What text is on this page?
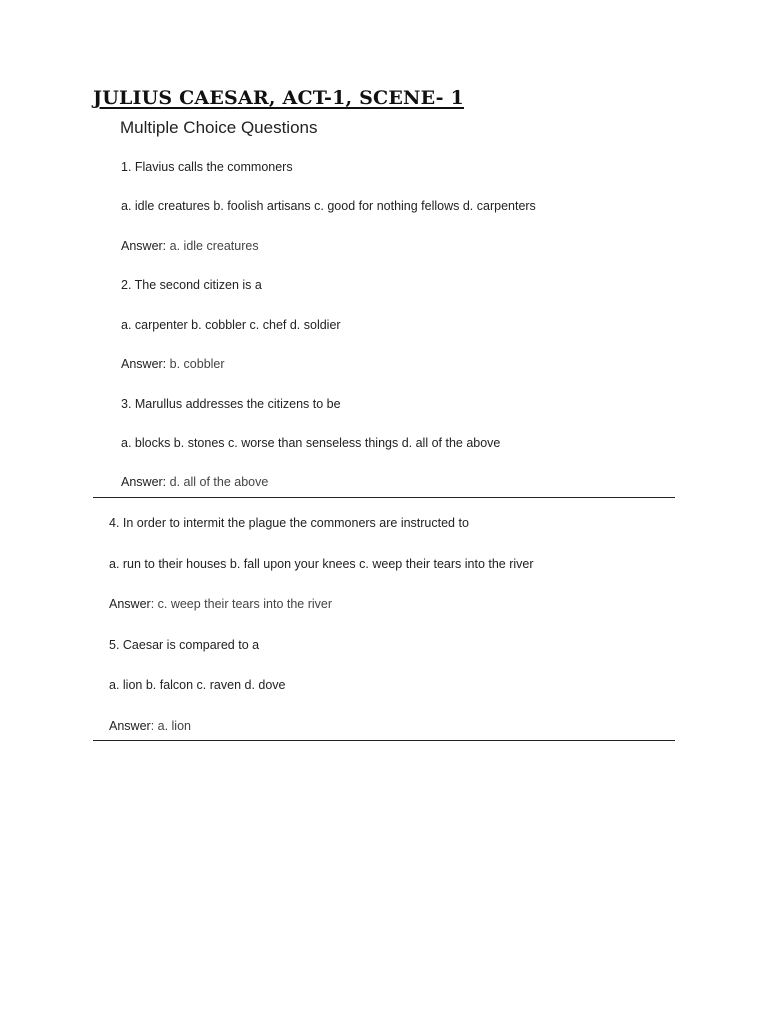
JULIUS CAESAR, ACT-1, SCENE- 1
Multiple Choice Questions
1. Flavius calls the commoners
a. idle creatures b. foolish artisans c. good for nothing fellows d. carpenters
Answer: a. idle creatures
2. The second citizen is a
a. carpenter b. cobbler c. chef d. soldier
Answer: b. cobbler
3. Marullus addresses the citizens to be
a. blocks b. stones c. worse than senseless things d. all of the above
Answer: d. all of the above
4. In order to intermit the plague the commoners are instructed to
a. run to their houses b. fall upon your knees c. weep their tears into the river
Answer: c. weep their tears into the river
5. Caesar is compared to a
a. lion b. falcon c. raven d. dove
Answer: a. lion
